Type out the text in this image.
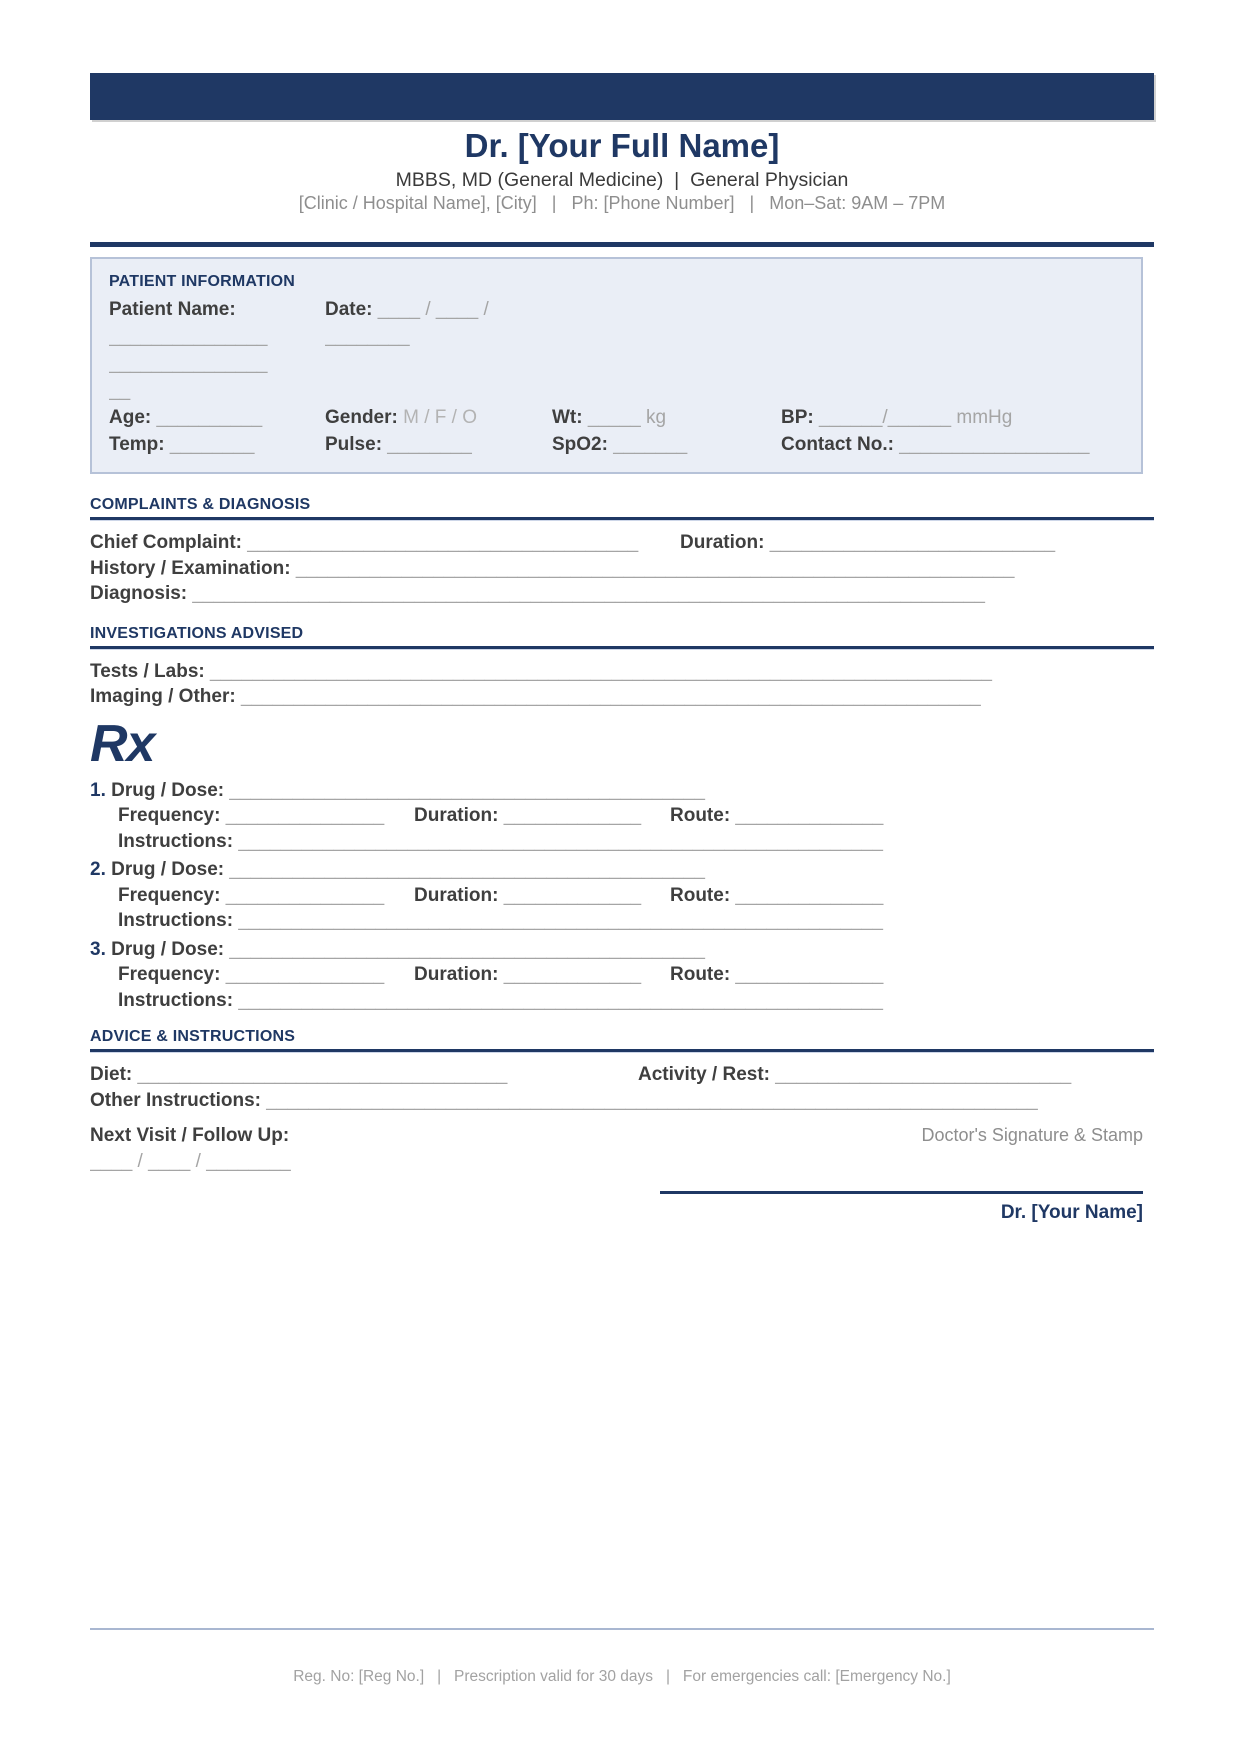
Dr. [Your Full Name]
MBBS, MD (General Medicine)  |  General Physician
[Clinic / Hospital Name], [City]   |   Ph: [Phone Number]   |   Mon–Sat: 9AM – 7PM
PATIENT INFORMATION
Patient Name:
_______________
_______________
__
Date: ____ / ____ /
________
Age: __________	Gender: M / F / O	Wt: _____ kg	BP: ______/______ mmHg
Temp: ________	Pulse: ________	SpO2: _______	Contact No.: __________________
COMPLAINTS & DIAGNOSIS
Chief Complaint: _____________________________________	Duration: ___________________________
History / Examination: ____________________________________________________________________
Diagnosis: ___________________________________________________________________________
INVESTIGATIONS ADVISED
Tests / Labs: __________________________________________________________________________
Imaging / Other: ______________________________________________________________________
Rx
1. Drug / Dose: _____________________________________________
Frequency: _______________	Duration: _____________	Route: ______________
Instructions: _____________________________________________________________
2. Drug / Dose: _____________________________________________
Frequency: _______________	Duration: _____________	Route: ______________
Instructions: _____________________________________________________________
3. Drug / Dose: _____________________________________________
Frequency: _______________	Duration: _____________	Route: ______________
Instructions: _____________________________________________________________
ADVICE & INSTRUCTIONS
Diet: ___________________________________	Activity / Rest: ____________________________
Other Instructions: _________________________________________________________________________
Next Visit / Follow Up:
____ / ____ / ________
Doctor's Signature & Stamp
Dr. [Your Name]
Reg. No: [Reg No.]   |   Prescription valid for 30 days   |   For emergencies call: [Emergency No.]
